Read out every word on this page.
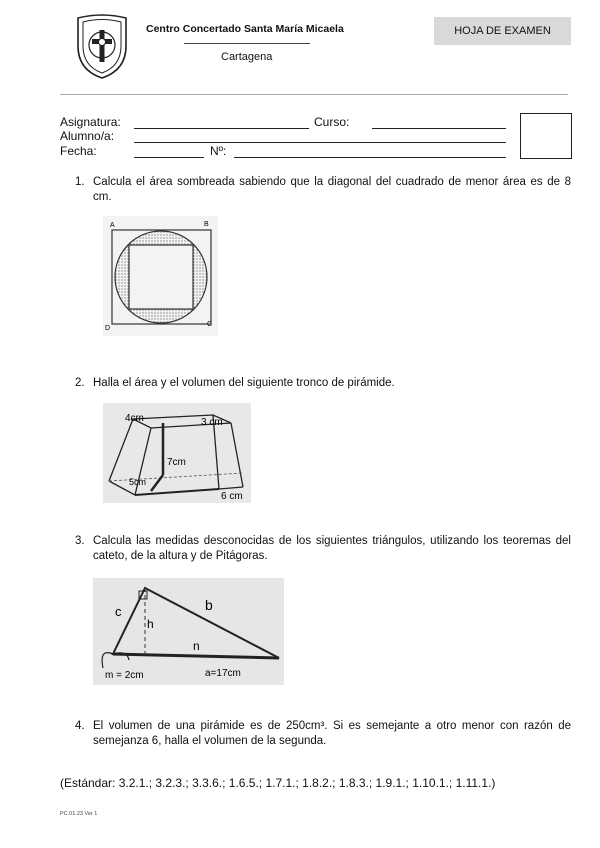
Centro Concertado Santa María Micaela
Cartagena
HOJA DE EXAMEN
Asignatura:	Curso:
Alumno/a:
Fecha:	Nº:
1. Calcula el área sombreada sabiendo que la diagonal del cuadrado de menor área es de 8 cm.
A	B
C
D
2. Halla el área y el volumen del siguiente tronco de pirámide.
4cm	3 cm
7cm
5cm
6 cm
3. Calcula las medidas desconocidas de los siguientes triángulos, utilizando los teoremas del cateto, de la altura y de Pitágoras.
c
h
b
n
m = 2cm	a=17cm
4. El volumen de una pirámide es de 250cm³. Si es semejante a otro menor con razón de semejanza 6, halla el volumen de la segunda.
(Estándar: 3.2.1.; 3.2.3.; 3.3.6.; 1.6.5.; 1.7.1.; 1.8.2.; 1.8.3.; 1.9.1.; 1.10.1.; 1.11.1.)
PC.01.23 Ver 1
